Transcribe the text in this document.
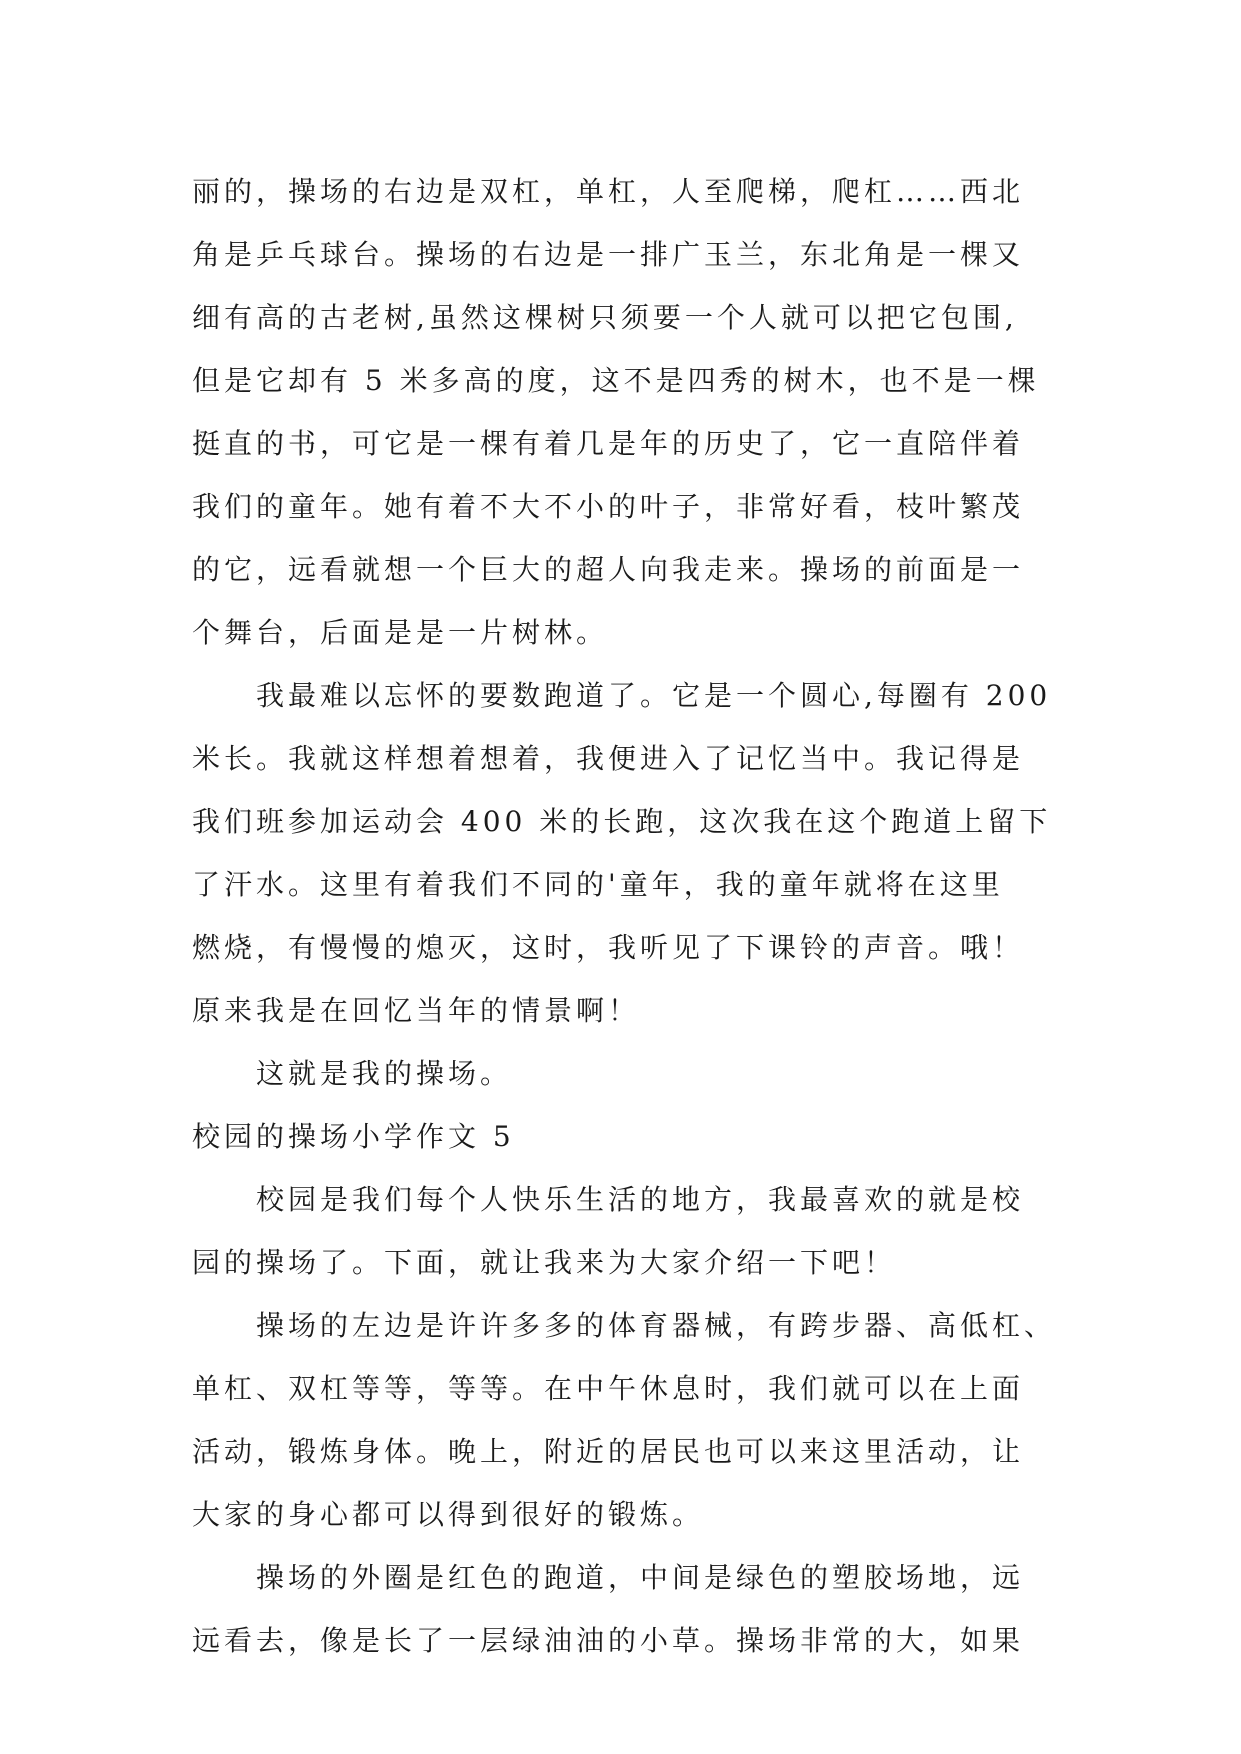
丽的，操场的右边是双杠，单杠，人至爬梯，爬杠……西北
角是乒乓球台。操场的右边是一排广玉兰，东北角是一棵又
细有高的古老树,虽然这棵树只须要一个人就可以把它包围,
但是它却有 5 米多高的度，这不是四秀的树木，也不是一棵
挺直的书，可它是一棵有着几是年的历史了，它一直陪伴着
我们的童年。她有着不大不小的叶子，非常好看，枝叶繁茂
的它，远看就想一个巨大的超人向我走来。操场的前面是一
个舞台，后面是是一片树林。
我最难以忘怀的要数跑道了。它是一个圆心,每圈有 200
米长。我就这样想着想着，我便进入了记忆当中。我记得是
我们班参加运动会 400 米的长跑，这次我在这个跑道上留下
了汗水。这里有着我们不同的'童年，我的童年就将在这里
燃烧，有慢慢的熄灭，这时，我听见了下课铃的声音。哦！
原来我是在回忆当年的情景啊！
这就是我的操场。
校园的操场小学作文 5
校园是我们每个人快乐生活的地方，我最喜欢的就是校
园的操场了。下面，就让我来为大家介绍一下吧！
操场的左边是许许多多的体育器械，有跨步器、高低杠、
单杠、双杠等等，等等。在中午休息时，我们就可以在上面
活动，锻炼身体。晚上，附近的居民也可以来这里活动，让
大家的身心都可以得到很好的锻炼。
操场的外圈是红色的跑道，中间是绿色的塑胶场地，远
远看去，像是长了一层绿油油的小草。操场非常的大，如果
